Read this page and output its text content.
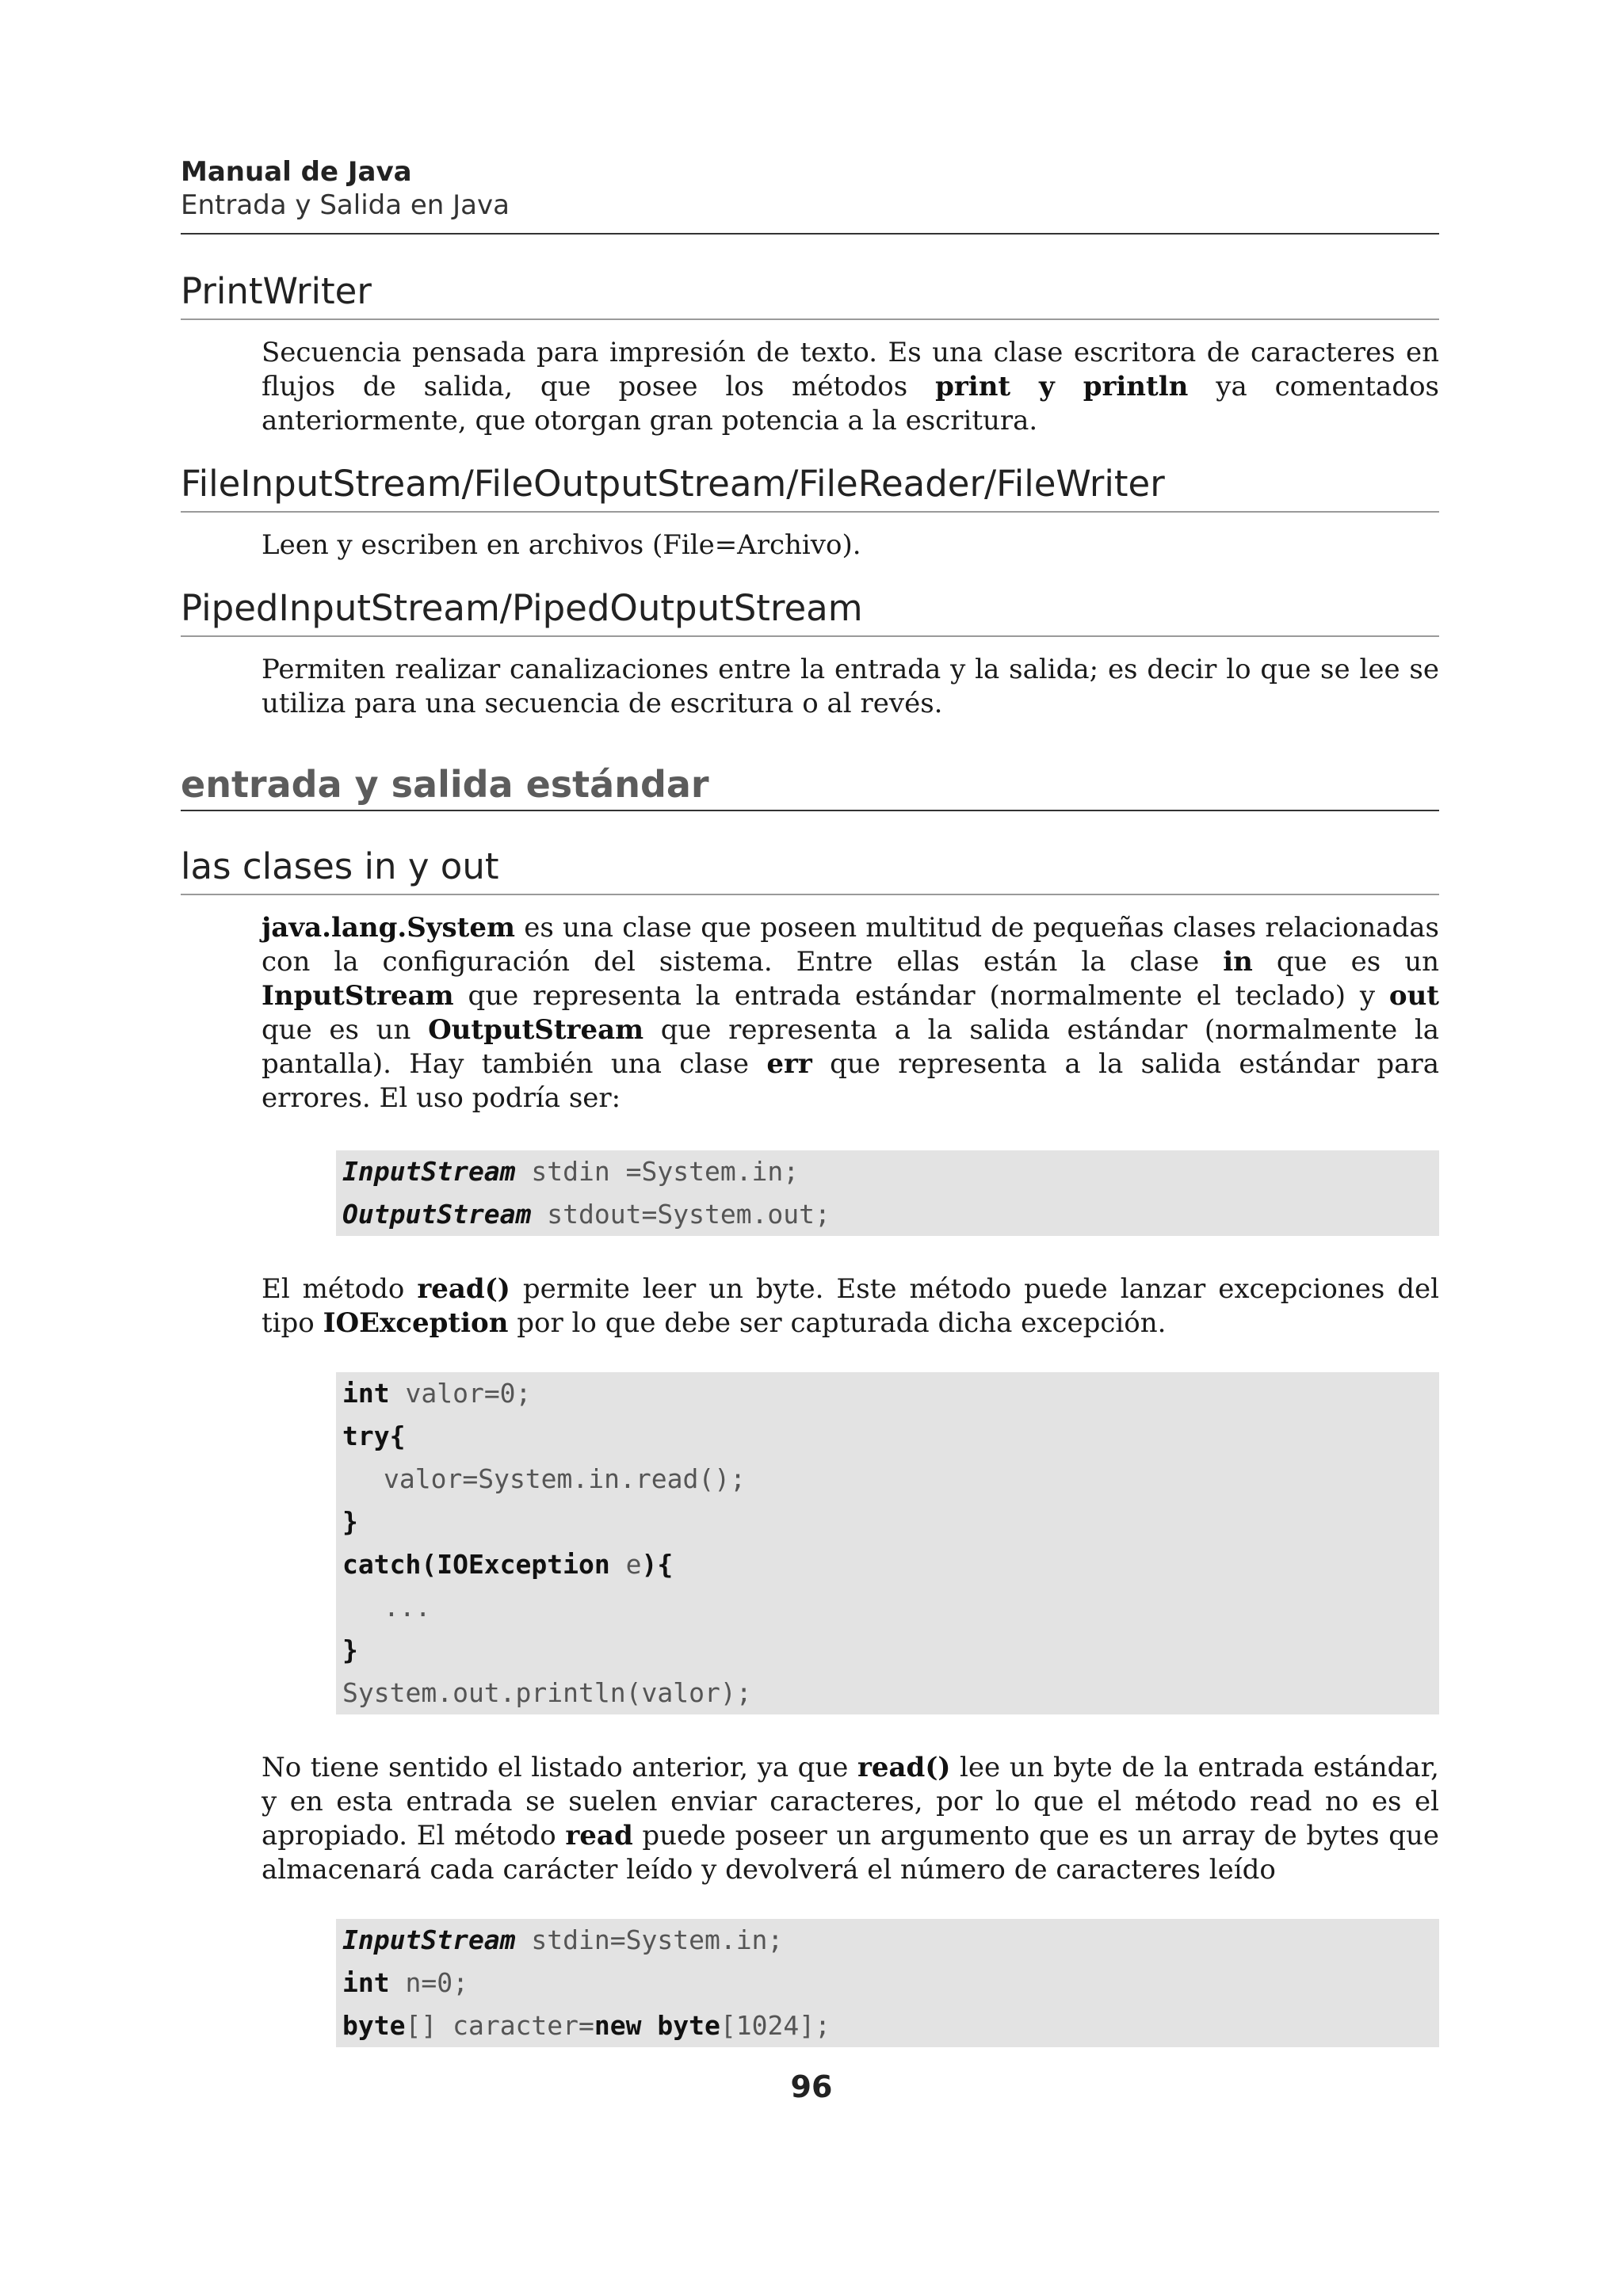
Manual de Java
Entrada y Salida en Java
PrintWriter
Secuencia pensada para impresión de texto. Es una clase escritora de caracteres en flujos de salida, que posee los métodos print y println ya comentados anteriormente, que otorgan gran potencia a la escritura.
FileInputStream/FileOutputStream/FileReader/FileWriter
Leen y escriben en archivos (File=Archivo).
PipedInputStream/PipedOutputStream
Permiten realizar canalizaciones entre la entrada y la salida; es decir lo que se lee se utiliza para una secuencia de escritura o al revés.
entrada y salida estándar
las clases in y out
java.lang.System es una clase que poseen multitud de pequeñas clases relacionadas con la configuración del sistema. Entre ellas están la clase in que es un InputStream que representa la entrada estándar (normalmente el teclado) y out que es un OutputStream que representa a la salida estándar (normalmente la pantalla). Hay también una clase err que representa a la salida estándar para errores. El uso podría ser:
InputStream stdin =System.in;
OutputStream stdout=System.out;
El método read() permite leer un byte. Este método puede lanzar excepciones del tipo IOException por lo que debe ser capturada dicha excepción.
int valor=0;
try{
valor=System.in.read();
}
catch(IOException e){
...
}
System.out.println(valor);
No tiene sentido el listado anterior, ya que read() lee un byte de la entrada estándar, y en esta entrada se suelen enviar caracteres, por lo que el método read no es el apropiado. El método read puede poseer un argumento que es un array de bytes que almacenará cada carácter leído y devolverá el número de caracteres leído
InputStream stdin=System.in;
int n=0;
byte[] caracter=new byte[1024];
96
